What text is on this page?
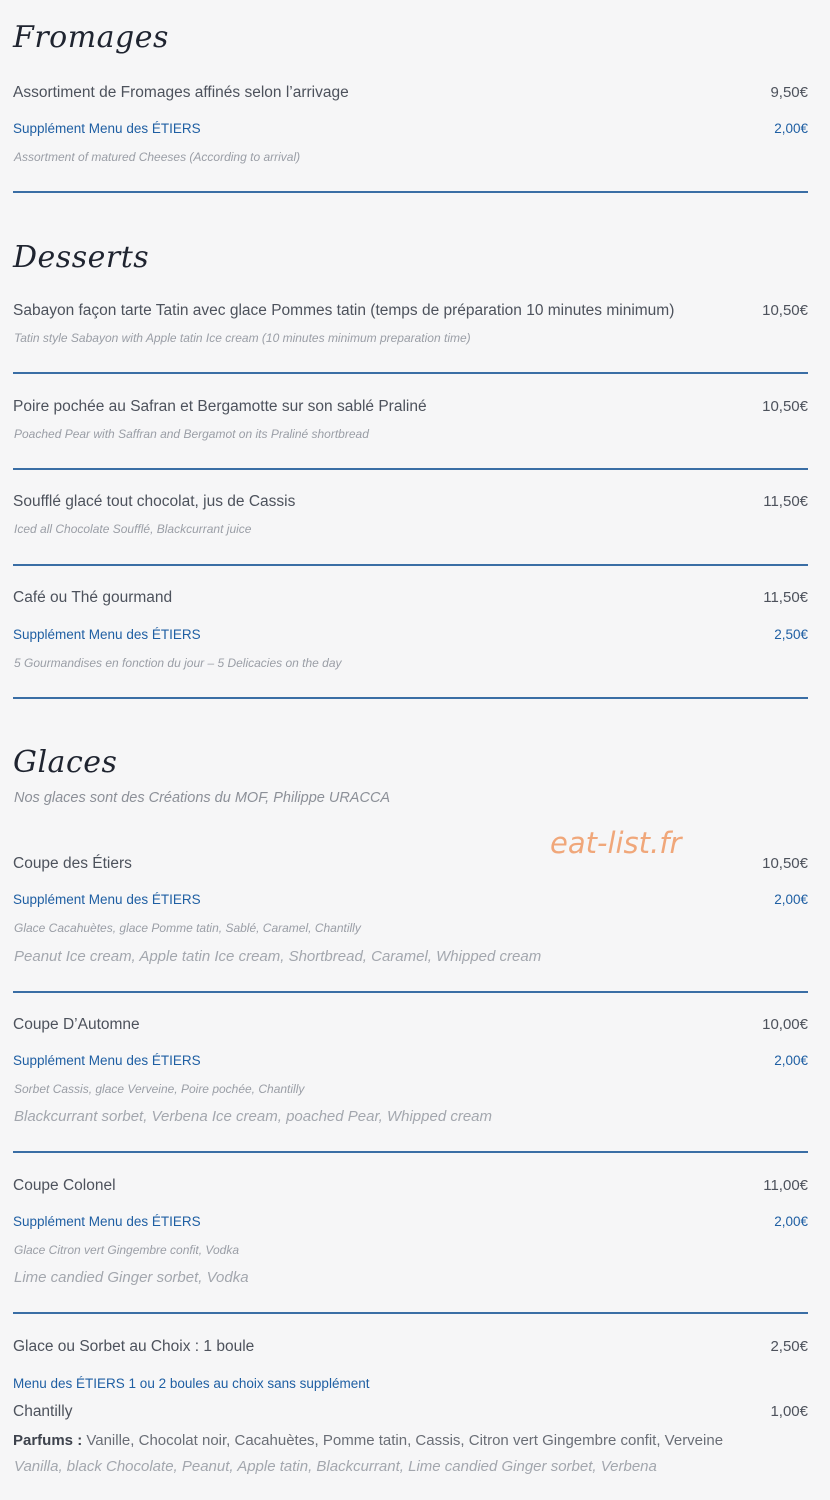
Fromages
Assortiment de Fromages affinés selon l’arrivage	9,50€
Supplément Menu des ÉTIERS	2,00€
Assortment of matured Cheeses (According to arrival)
Desserts
Sabayon façon tarte Tatin avec glace Pommes tatin (temps de préparation 10 minutes minimum)	10,50€
Tatin style Sabayon with Apple tatin Ice cream (10 minutes minimum preparation time)
Poire pochée au Safran et Bergamotte sur son sablé Praliné	10,50€
Poached Pear with Saffran and Bergamot on its Praliné shortbread
Soufflé glacé tout chocolat, jus de Cassis	11,50€
Iced all Chocolate Soufflé, Blackcurrant juice
Café ou Thé gourmand	11,50€
Supplément Menu des ÉTIERS	2,50€
5 Gourmandises en fonction du jour – 5 Delicacies on the day
Glaces
Nos glaces sont des Créations du MOF, Philippe URACCA
Coupe des Étiers	10,50€
Supplément Menu des ÉTIERS	2,00€
Glace Cacahuètes, glace Pomme tatin, Sablé, Caramel, Chantilly
Peanut Ice cream, Apple tatin Ice cream, Shortbread, Caramel, Whipped cream
Coupe D’Automne	10,00€
Supplément Menu des ÉTIERS	2,00€
Sorbet Cassis, glace Verveine, Poire pochée, Chantilly
Blackcurrant sorbet, Verbena Ice cream, poached Pear, Whipped cream
Coupe Colonel	11,00€
Supplément Menu des ÉTIERS	2,00€
Glace Citron vert Gingembre confit, Vodka
Lime candied Ginger sorbet, Vodka
Glace ou Sorbet au Choix : 1 boule	2,50€
Menu des ÉTIERS 1 ou 2 boules au choix sans supplément
Chantilly	1,00€
Parfums : Vanille, Chocolat noir, Cacahuètes, Pomme tatin, Cassis, Citron vert Gingembre confit, Verveine
Vanilla, black Chocolate, Peanut, Apple tatin, Blackcurrant, Lime candied Ginger sorbet, Verbena
eat-list.fr
